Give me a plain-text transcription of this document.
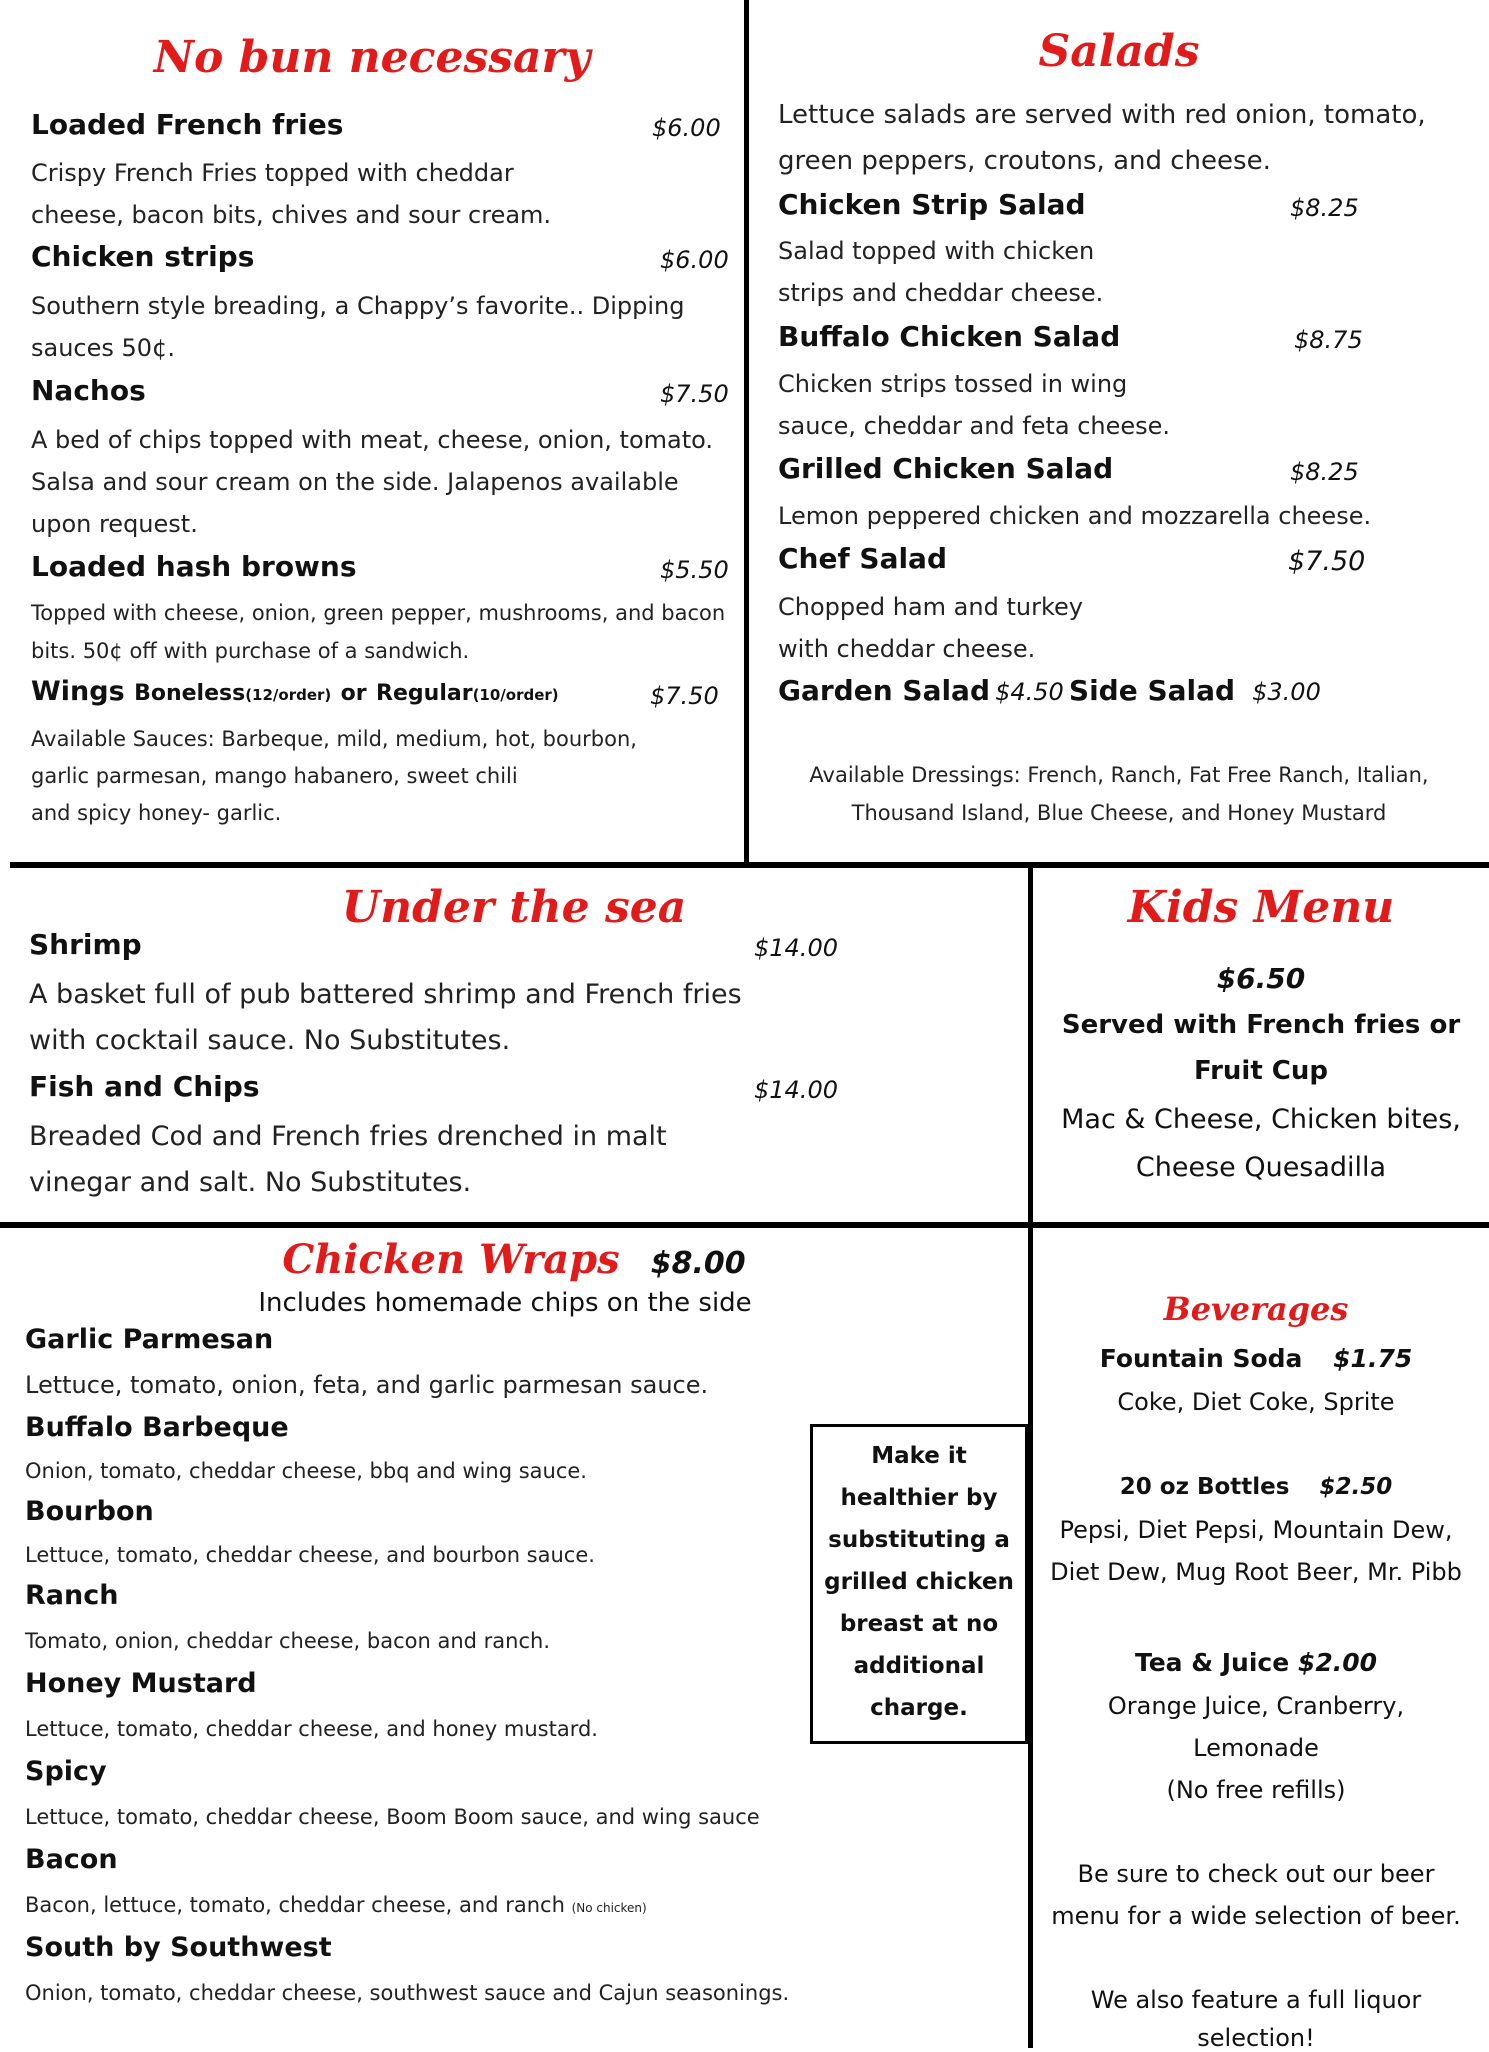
No bun necessary
Loaded French fries	$6.00
Crispy French Fries topped with cheddar
cheese, bacon bits, chives and sour cream.
Chicken strips	$6.00
Southern style breading, a Chappy’s favorite.. Dipping
sauces 50¢.
Nachos	$7.50
A bed of chips topped with meat, cheese, onion, tomato.
Salsa and sour cream on the side. Jalapenos available
upon request.
Loaded hash browns	$5.50
Topped with cheese, onion, green pepper, mushrooms, and bacon
bits. 50¢ off with purchase of a sandwich.
Wings Boneless(12/order) or Regular(10/order)	$7.50
Available Sauces: Barbeque, mild, medium, hot, bourbon,
garlic parmesan, mango habanero, sweet chili
and spicy honey- garlic.
Salads
Lettuce salads are served with red onion, tomato,
green peppers, croutons, and cheese.
Chicken Strip Salad	$8.25
Salad topped with chicken
strips and cheddar cheese.
Buffalo Chicken Salad	$8.75
Chicken strips tossed in wing
sauce, cheddar and feta cheese.
Grilled Chicken Salad	$8.25
Lemon peppered chicken and mozzarella cheese.
Chef Salad	$7.50
Chopped ham and turkey
with cheddar cheese.
Garden Salad $4.50 Side Salad $3.00
Available Dressings: French, Ranch, Fat Free Ranch, Italian,
Thousand Island, Blue Cheese, and Honey Mustard
Under the sea
Shrimp	$14.00
A basket full of pub battered shrimp and French fries
with cocktail sauce. No Substitutes.
Fish and Chips	$14.00
Breaded Cod and French fries drenched in malt
vinegar and salt. No Substitutes.
Kids Menu
$6.50
Served with French fries or
Fruit Cup
Mac & Cheese, Chicken bites,
Cheese Quesadilla
Chicken Wraps $8.00
Includes homemade chips on the side
Garlic Parmesan
Lettuce, tomato, onion, feta, and garlic parmesan sauce.
Buffalo Barbeque
Onion, tomato, cheddar cheese, bbq and wing sauce.
Bourbon
Lettuce, tomato, cheddar cheese, and bourbon sauce.
Ranch
Tomato, onion, cheddar cheese, bacon and ranch.
Honey Mustard
Lettuce, tomato, cheddar cheese, and honey mustard.
Spicy
Lettuce, tomato, cheddar cheese, Boom Boom sauce, and wing sauce
Bacon
Bacon, lettuce, tomato, cheddar cheese, and ranch (No chicken)
South by Southwest
Onion, tomato, cheddar cheese, southwest sauce and Cajun seasonings.
Make it
healthier by
substituting a
grilled chicken
breast at no
additional
charge.
Beverages
Fountain Soda $1.75
Coke, Diet Coke, Sprite
20 oz Bottles $2.50
Pepsi, Diet Pepsi, Mountain Dew,
Diet Dew, Mug Root Beer, Mr. Pibb
Tea & Juice $2.00
Orange Juice, Cranberry,
Lemonade
(No free refills)
Be sure to check out our beer
menu for a wide selection of beer.
We also feature a full liquor
selection!
